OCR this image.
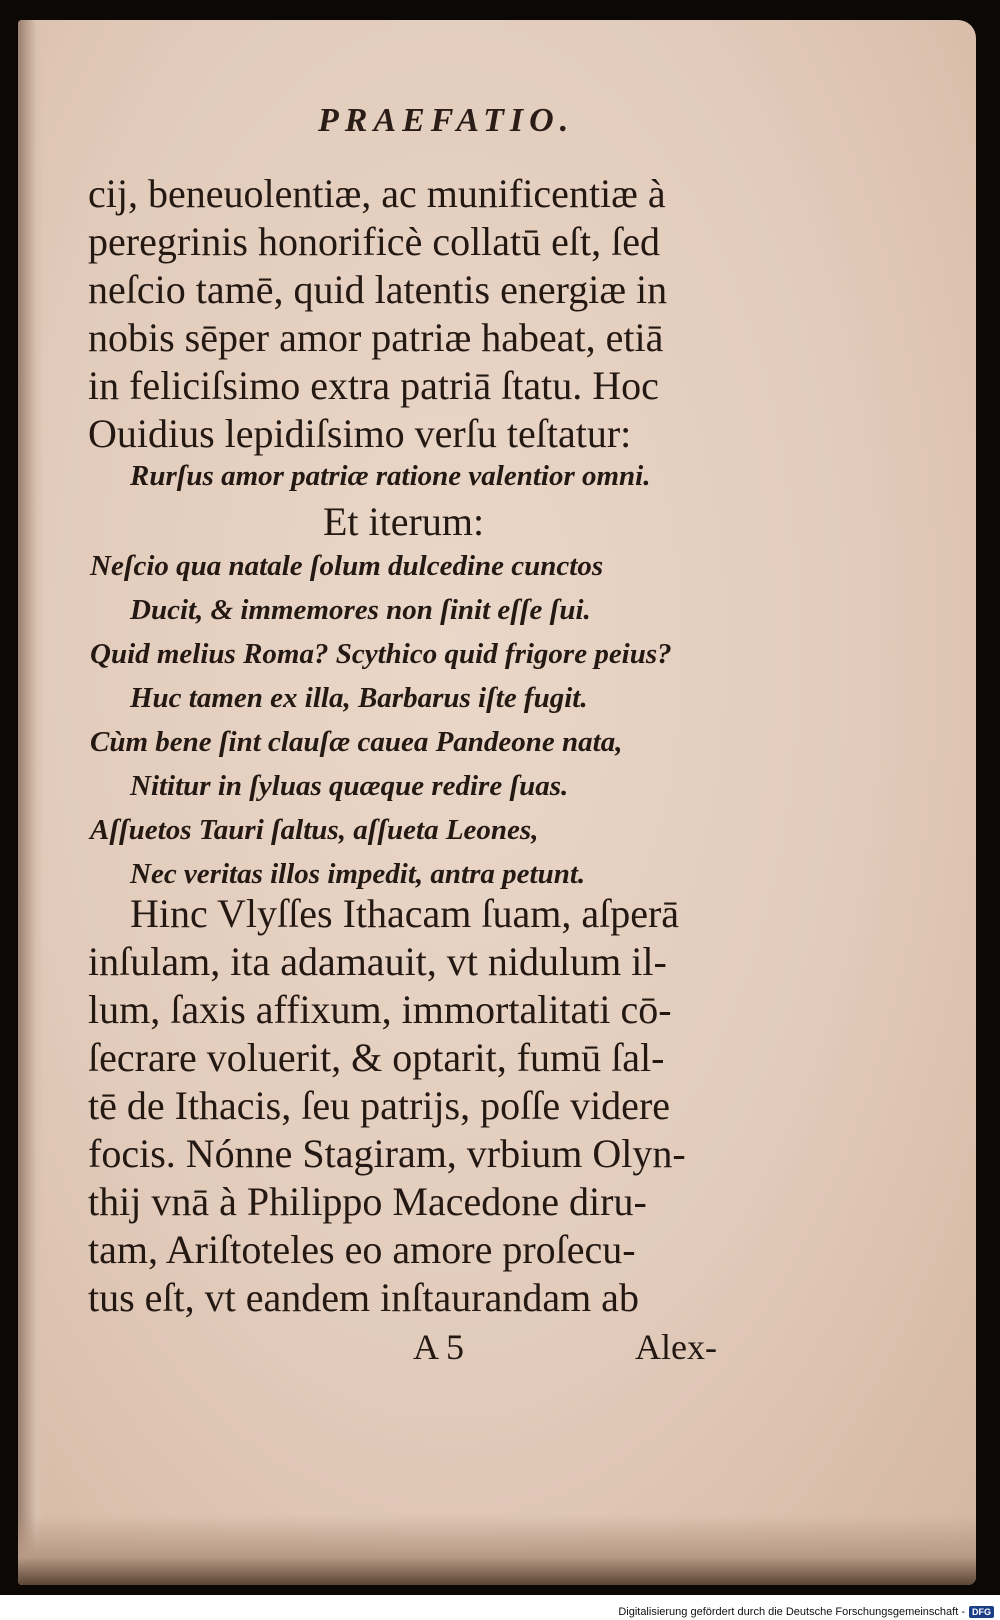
PRAEFATIO.
cij, beneuolentiæ, ac munificentiæ à
peregrinis honorificè collatū eſt, ſed
neſcio tamē, quid latentis energiæ in
nobis sēper amor patriæ habeat, etiā
in feliciſsimo extra patriā ſtatu. Hoc
Ouidius lepidiſsimo verſu teſtatur:
Rurſus amor patriæ ratione valentior omni.
Et iterum:
Neſcio qua natale ſolum dulcedine cunctos
Ducit, & immemores non ſinit eſſe ſui.
Quid melius Roma? Scythico quid frigore peius?
Huc tamen ex illa, Barbarus iſte fugit.
Cùm bene ſint clauſæ cauea Pandeone nata,
Nititur in ſyluas quæque redire ſuas.
Aſſuetos Tauri ſaltus, aſſueta Leones,
Nec veritas illos impedit, antra petunt.
Hinc Vlyſſes Ithacam ſuam, aſperā
inſulam, ita adamauit, vt nidulum il-
lum, ſaxis affixum, immortalitati cō-
ſecrare voluerit, & optarit, fumū ſal-
tē de Ithacis, ſeu patrijs, poſſe videre
focis. Nónne Stagiram, vrbium Olyn-
thij vnā à Philippo Macedone diru-
tam, Ariſtoteles eo amore proſecu-
tus eſt, vt eandem inſtaurandam ab
A 5	Alex-
Digitalisierung gefördert durch die Deutsche Forschungsgemeinschaft - DFG
